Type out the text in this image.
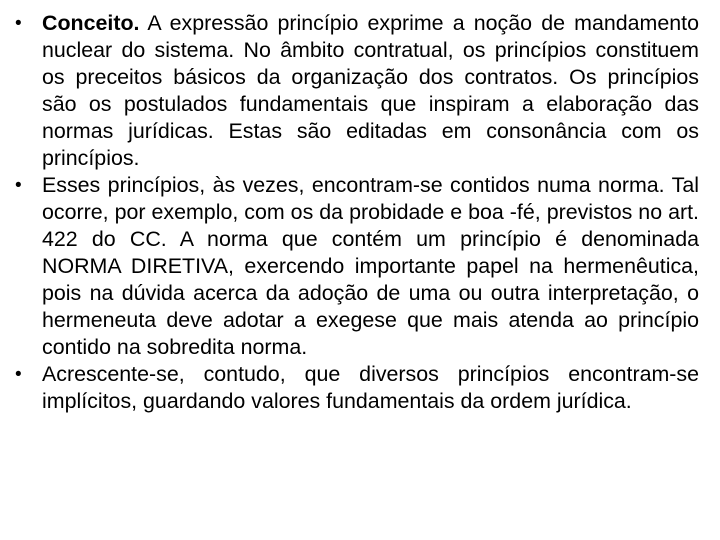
• Conceito. A expressão princípio exprime a noção de mandamento nuclear do sistema. No âmbito contratual, os princípios constituem os preceitos básicos da organização dos contratos. Os princípios são os postulados fundamentais que inspiram a elaboração das normas jurídicas. Estas são editadas em consonância com os princípios.
• Esses princípios, às vezes, encontram-se contidos numa norma. Tal ocorre, por exemplo, com os da probidade e boa -fé, previstos no art. 422 do CC. A norma que contém um princípio é denominada NORMA DIRETIVA, exercendo importante papel na hermenêutica, pois na dúvida acerca da adoção de uma ou outra interpretação, o hermeneuta deve adotar a exegese que mais atenda ao princípio contido na sobredita norma.
• Acrescente-se, contudo, que diversos princípios encontram-se implícitos, guardando valores fundamentais da ordem jurídica.
